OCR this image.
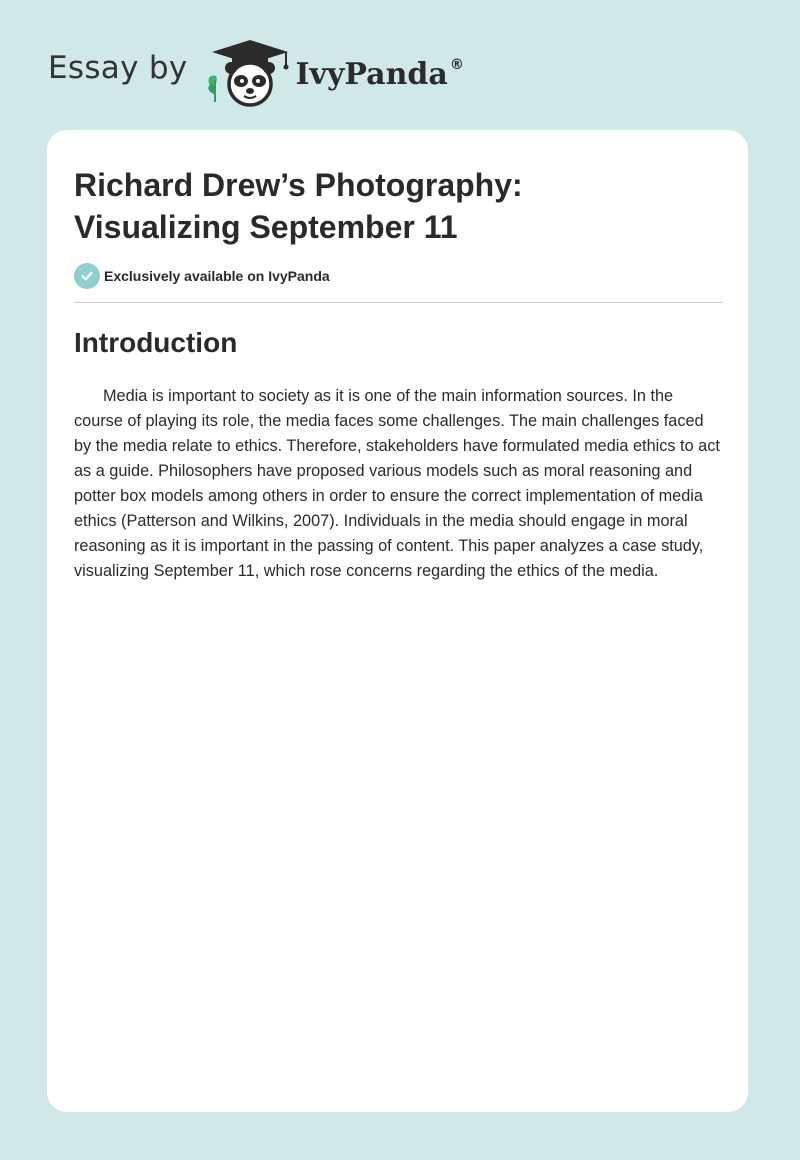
Essay by	IvyPanda ®
Richard Drew’s Photography:
Visualizing September 11
Exclusively available on IvyPanda
Introduction

Media is important to society as it is one of the main information sources. In the course of playing its role, the media faces some challenges. The main challenges faced by the media relate to ethics. Therefore, stakeholders have formulated media ethics to act as a guide. Philosophers have proposed various models such as moral reasoning and potter box models among others in order to ensure the correct implementation of media ethics (Patterson and Wilkins, 2007). Individuals in the media should engage in moral reasoning as it is important in the passing of content. This paper analyzes a case study, visualizing September 11, which rose concerns regarding the ethics of the media.
